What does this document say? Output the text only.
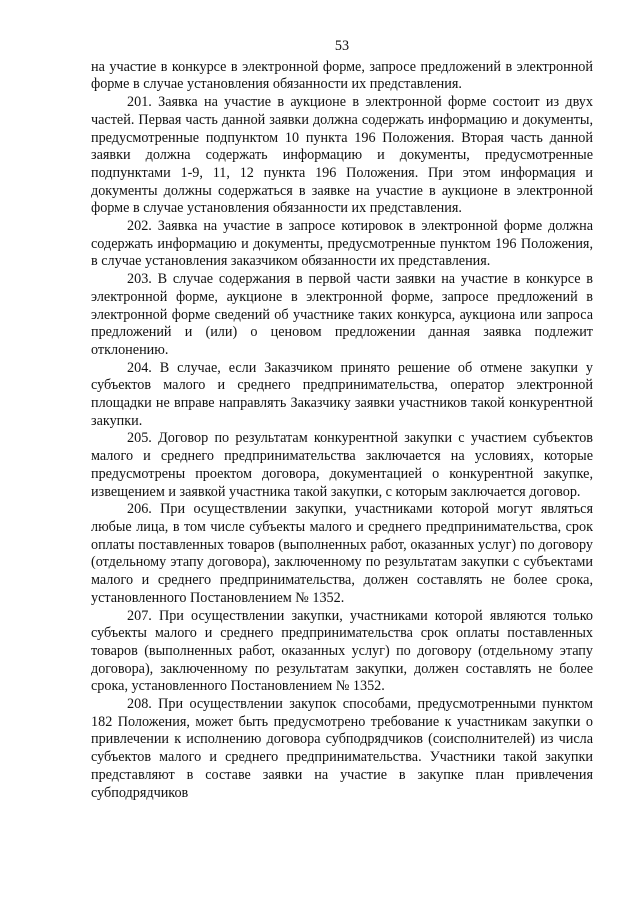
53

на участие в конкурсе в электронной форме, запросе предложений в электронной форме в случае установления обязанности их представления.

201. Заявка на участие в аукционе в электронной форме состоит из двух частей. Первая часть данной заявки должна содержать информацию и документы, предусмотренные подпунктом 10 пункта 196 Положения. Вторая часть данной заявки должна содержать информацию и документы, предусмотренные подпунктами 1-9, 11, 12 пункта 196 Положения. При этом информация и документы должны содержаться в заявке на участие в аукционе в электронной форме в случае установления обязанности их представления.

202. Заявка на участие в запросе котировок в электронной форме должна содержать информацию и документы, предусмотренные пунктом 196 Положения, в случае установления заказчиком обязанности их представления.

203. В случае содержания в первой части заявки на участие в конкурсе в электронной форме, аукционе в электронной форме, запросе предложений в электронной форме сведений об участнике таких конкурса, аукциона или запроса предложений и (или) о ценовом предложении данная заявка подлежит отклонению.

204. В случае, если Заказчиком принято решение об отмене закупки у субъектов малого и среднего предпринимательства, оператор электронной площадки не вправе направлять Заказчику заявки участников такой конкурентной закупки.

205. Договор по результатам конкурентной закупки с участием субъектов малого и среднего предпринимательства заключается на условиях, которые предусмотрены проектом договора, документацией о конкурентной закупке, извещением и заявкой участника такой закупки, с которым заключается договор.

206. При осуществлении закупки, участниками которой могут являться любые лица, в том числе субъекты малого и среднего предпринимательства, срок оплаты поставленных товаров (выполненных работ, оказанных услуг) по договору (отдельному этапу договора), заключенному по результатам закупки с субъектами малого и среднего предпринимательства, должен составлять не более срока, установленного Постановлением № 1352.

207. При осуществлении закупки, участниками которой являются только субъекты малого и среднего предпринимательства срок оплаты поставленных товаров (выполненных работ, оказанных услуг) по договору (отдельному этапу договора), заключенному по результатам закупки, должен составлять не более срока, установленного Постановлением № 1352.

208. При осуществлении закупок способами, предусмотренными пунктом 182 Положения, может быть предусмотрено требование к участникам закупки о привлечении к исполнению договора субподрядчиков (соисполнителей) из числа субъектов малого и среднего предпринимательства. Участники такой закупки представляют в составе заявки на участие в закупке план привлечения субподрядчиков
